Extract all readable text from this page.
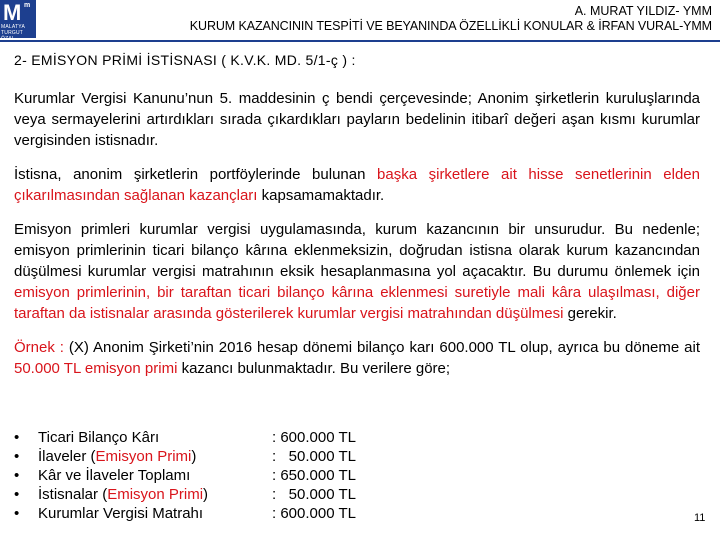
M m
MALATYA TURGUT ÖZAL
A. MURAT YILDIZ- YMM
KURUM KAZANCININ TESPİTİ VE BEYANINDA ÖZELLİKLİ KONULAR & İRFAN VURAL-YMM
2- EMİSYON PRİMİ İSTİSNASI ( K.V.K. MD. 5/1-ç ) :

Kurumlar Vergisi Kanunu’nun 5. maddesinin ç bendi çerçevesinde; Anonim şirketlerin kuruluşlarında veya sermayelerini artırdıkları sırada çıkardıkları payların bedelinin itibarî değeri aşan kısmı kurumlar vergisinden istisnadır.

İstisna, anonim şirketlerin portföylerinde bulunan başka şirketlere ait hisse senetlerinin elden çıkarılmasından sağlanan kazançları kapsamamaktadır.

Emisyon primleri kurumlar vergisi uygulamasında, kurum kazancının bir unsurudur. Bu nedenle; emisyon primlerinin ticari bilanço kârına eklenmeksizin, doğrudan istisna olarak kurum kazancından düşülmesi kurumlar vergisi matrahının eksik hesaplanmasına yol açacaktır. Bu durumu önlemek için emisyon primlerinin, bir taraftan ticari bilanço kârına eklenmesi suretiyle mali kâra ulaşılması, diğer taraftan da istisnalar arasında gösterilerek kurumlar vergisi matrahından düşülmesi gerekir.

Örnek : (X) Anonim Şirketi’nin 2016 hesap dönemi bilanço karı 600.000 TL olup, ayrıca bu döneme ait 50.000 TL emisyon primi kazancı bulunmaktadır. Bu verilere göre;

•	Ticari Bilanço Kârı	: 600.000 TL
•	İlaveler (Emisyon Primi)	:   50.000 TL
•	Kâr ve İlaveler Toplamı	: 650.000 TL
•	İstisnalar (Emisyon Primi)	:   50.000 TL
•	Kurumlar Vergisi Matrahı	: 600.000 TL	11
